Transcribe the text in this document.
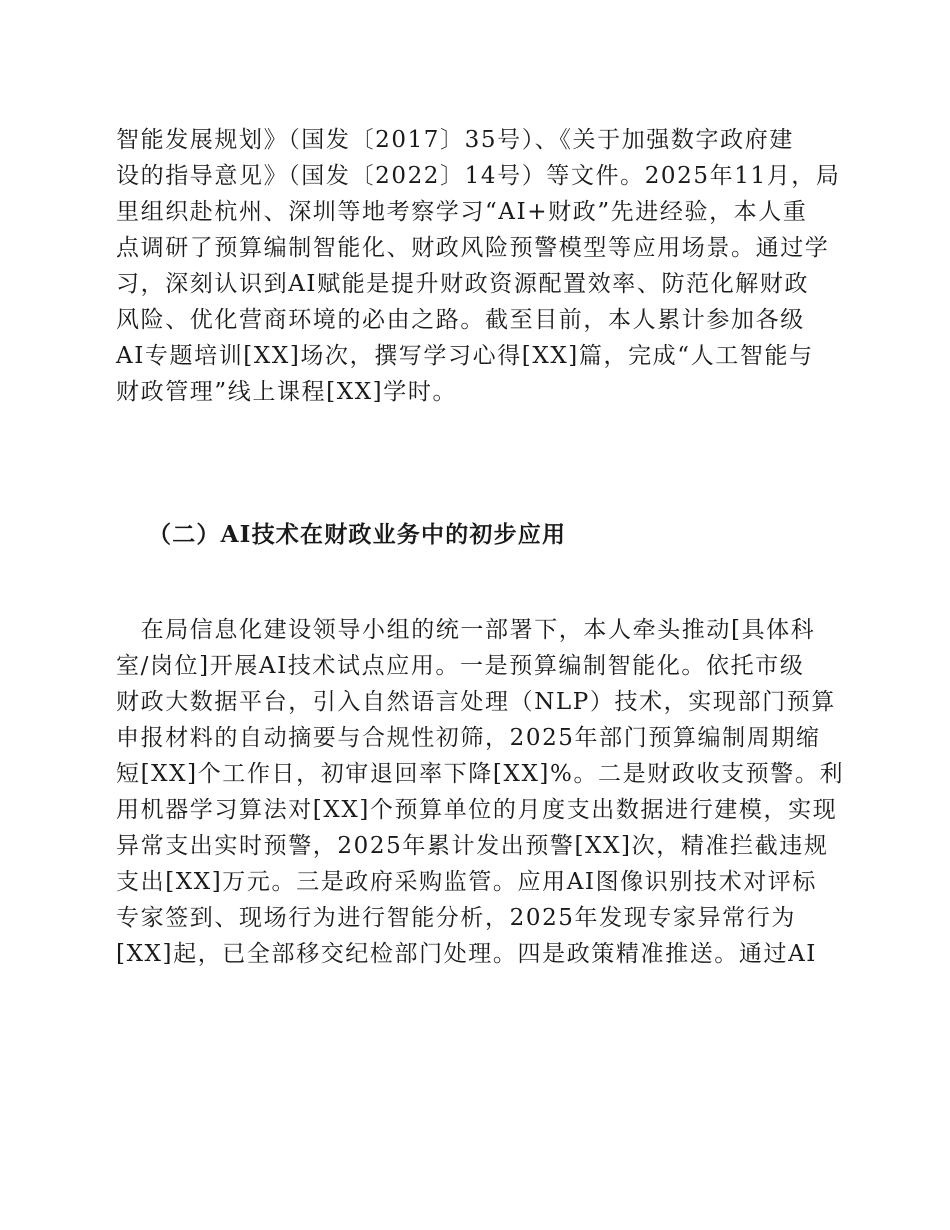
智能发展规划》（国发〔2017〕35号）、《关于加强数字政府建
设的指导意见》（国发〔2022〕14号）等文件。2025年11月，局
里组织赴杭州、深圳等地考察学习“AI+财政”先进经验，本人重
点调研了预算编制智能化、财政风险预警模型等应用场景。通过学
习，深刻认识到AI赋能是提升财政资源配置效率、防范化解财政
风险、优化营商环境的必由之路。截至目前，本人累计参加各级
AI专题培训[XX]场次，撰写学习心得[XX]篇，完成“人工智能与
财政管理”线上课程[XX]学时。
（二）AI技术在财政业务中的初步应用
　在局信息化建设领导小组的统一部署下，本人牵头推动[具体科
室/岗位]开展AI技术试点应用。一是预算编制智能化。依托市级
财政大数据平台，引入自然语言处理（NLP）技术，实现部门预算
申报材料的自动摘要与合规性初筛，2025年部门预算编制周期缩
短[XX]个工作日，初审退回率下降[XX]%。二是财政收支预警。利
用机器学习算法对[XX]个预算单位的月度支出数据进行建模，实现
异常支出实时预警，2025年累计发出预警[XX]次，精准拦截违规
支出[XX]万元。三是政府采购监管。应用AI图像识别技术对评标
专家签到、现场行为进行智能分析，2025年发现专家异常行为
[XX]起，已全部移交纪检部门处理。四是政策精准推送。通过AI
